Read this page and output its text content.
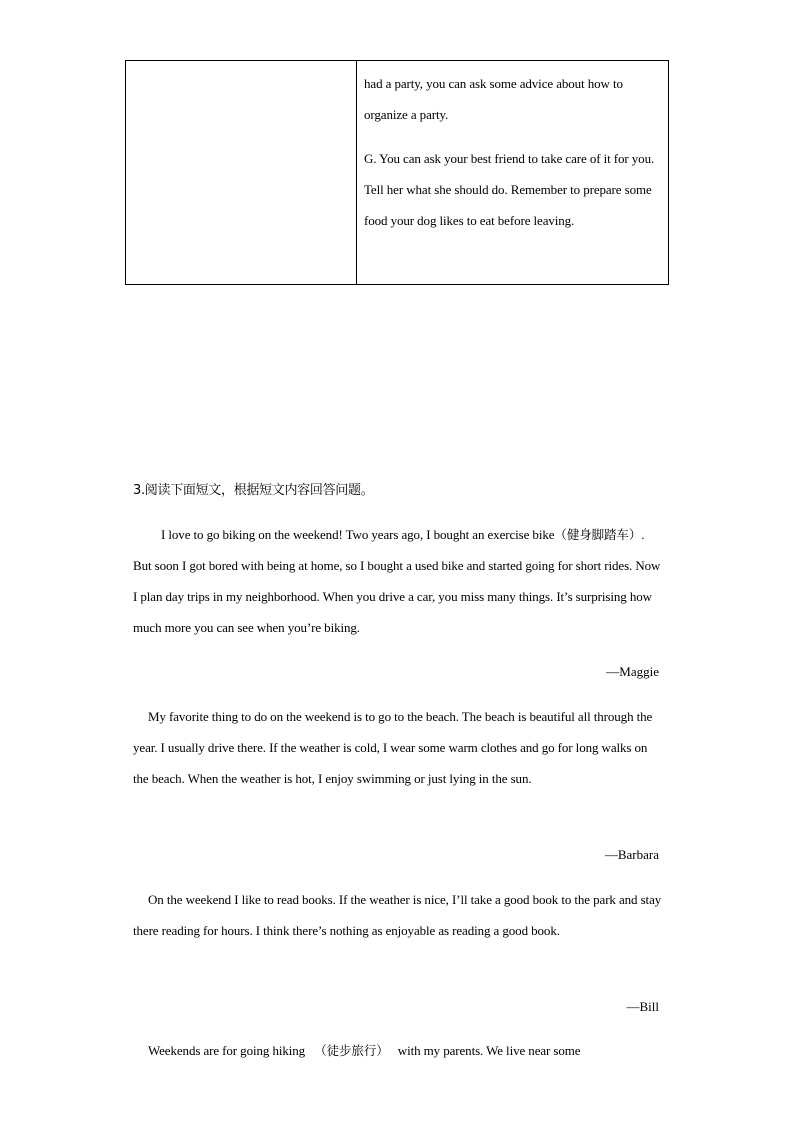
had a party, you can ask some advice about how to organize a party.

G. You can ask your best friend to take care of it for you. Tell her what she should do. Remember to prepare some food your dog likes to eat before leaving.

3.阅读下面短文，根据短文内容回答问题。

I love to go biking on the weekend! Two years ago, I bought an exercise bike（健身脚踏车）. But soon I got bored with being at home, so I bought a used bike and started going for short rides. Now I plan day trips in my neighborhood. When you drive a car, you miss many things. It’s surprising how much more you can see when you’re biking.

—Maggie

My favorite thing to do on the weekend is to go to the beach. The beach is beautiful all through the year. I usually drive there. If the weather is cold, I wear some warm clothes and go for long walks on the beach. When the weather is hot, I enjoy swimming or just lying in the sun.

—Barbara

On the weekend I like to read books. If the weather is nice, I’ll take a good book to the park and stay there reading for hours. I think there’s nothing as enjoyable as reading a good book.

—Bill

Weekends are for going hiking （徒步旅行） with my parents. We live near some
